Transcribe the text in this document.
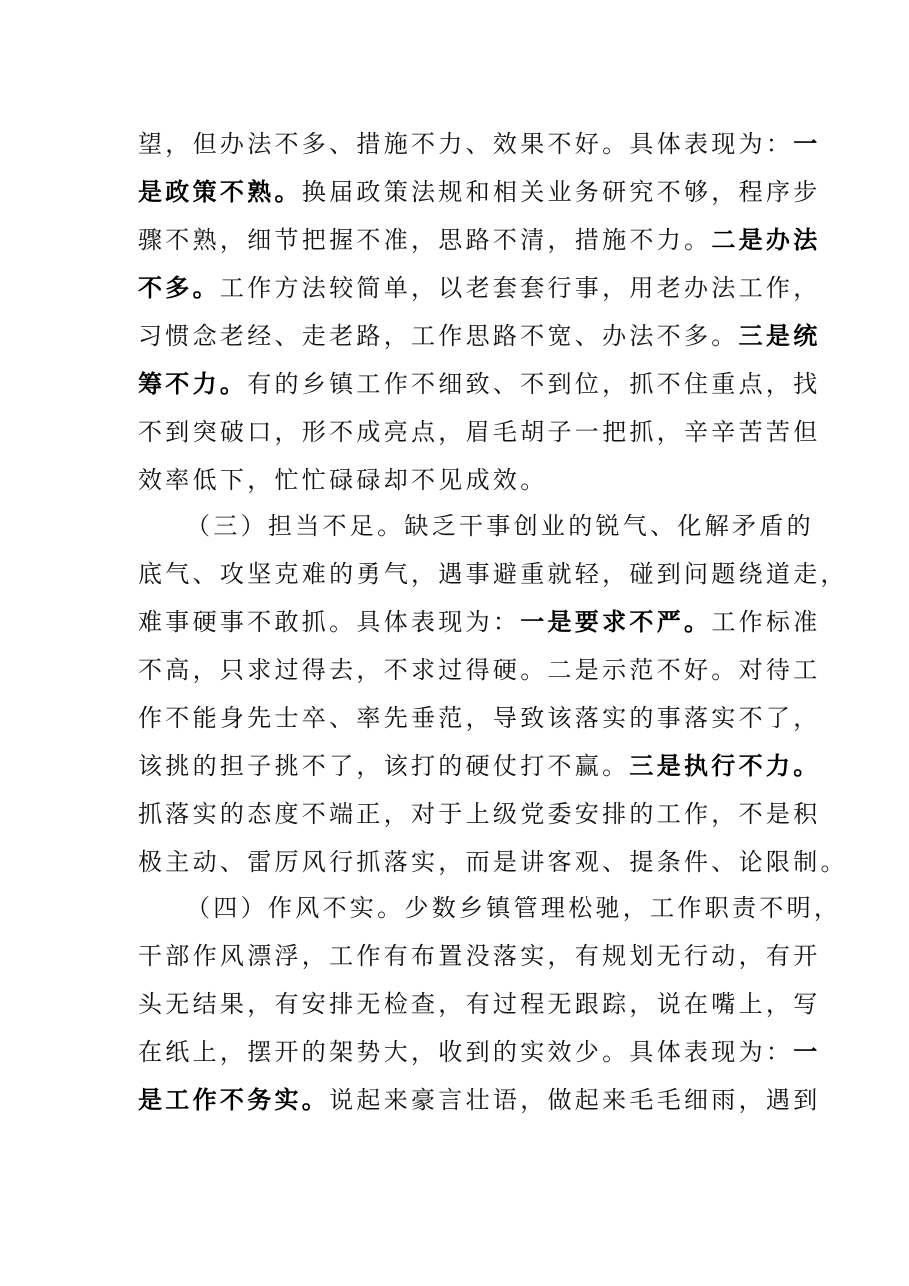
望，但办法不多、措施不力、效果不好。具体表现为：一
是政策不熟。换届政策法规和相关业务研究不够，程序步
骤不熟，细节把握不准，思路不清，措施不力。二是办法
不多。工作方法较简单，以老套套行事，用老办法工作，
习惯念老经、走老路，工作思路不宽、办法不多。三是统
筹不力。有的乡镇工作不细致、不到位，抓不住重点，找
不到突破口，形不成亮点，眉毛胡子一把抓，辛辛苦苦但
效率低下，忙忙碌碌却不见成效。
（三）担当不足。缺乏干事创业的锐气、化解矛盾的
底气、攻坚克难的勇气，遇事避重就轻，碰到问题绕道走，
难事硬事不敢抓。具体表现为：一是要求不严。工作标准
不高，只求过得去，不求过得硬。二是示范不好。对待工
作不能身先士卒、率先垂范，导致该落实的事落实不了，
该挑的担子挑不了，该打的硬仗打不赢。三是执行不力。
抓落实的态度不端正，对于上级党委安排的工作，不是积
极主动、雷厉风行抓落实，而是讲客观、提条件、论限制。
（四）作风不实。少数乡镇管理松驰，工作职责不明，
干部作风漂浮，工作有布置没落实，有规划无行动，有开
头无结果，有安排无检查，有过程无跟踪，说在嘴上，写
在纸上，摆开的架势大，收到的实效少。具体表现为：一
是工作不务实。说起来豪言壮语，做起来毛毛细雨，遇到
